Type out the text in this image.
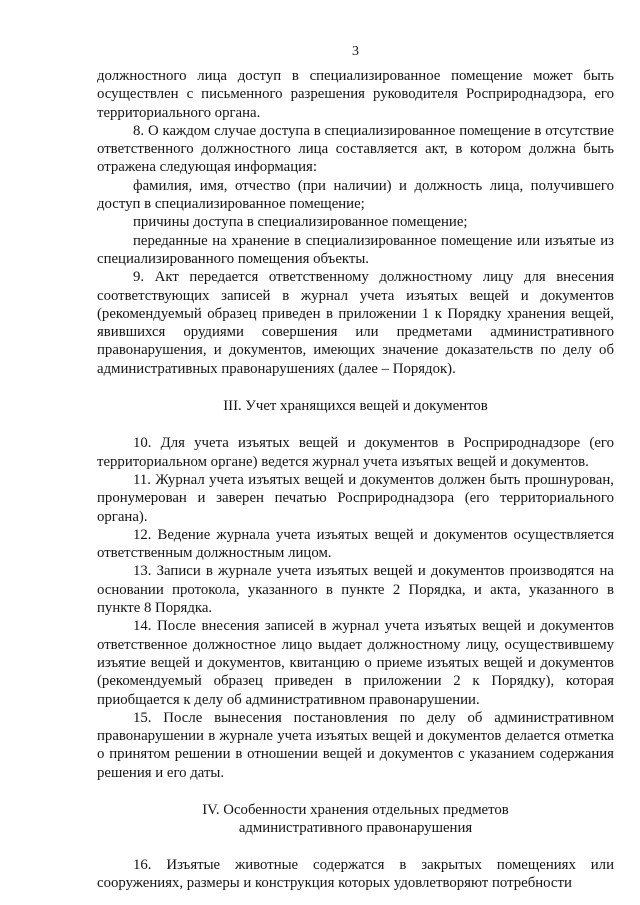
3

должностного лица доступ в специализированное помещение может быть осуществлен с письменного разрешения руководителя Росприроднадзора, его территориального органа.

8. О каждом случае доступа в специализированное помещение в отсутствие ответственного должностного лица составляется акт, в котором должна быть отражена следующая информация:

фамилия, имя, отчество (при наличии) и должность лица, получившего доступ в специализированное помещение;

причины доступа в специализированное помещение;

переданные на хранение в специализированное помещение или изъятые из специализированного помещения объекты.

9. Акт передается ответственному должностному лицу для внесения соответствующих записей в журнал учета изъятых вещей и документов (рекомендуемый образец приведен в приложении 1 к Порядку хранения вещей, явившихся орудиями совершения или предметами административного правонарушения, и документов, имеющих значение доказательств по делу об административных правонарушениях (далее – Порядок).

III. Учет хранящихся вещей и документов

10. Для учета изъятых вещей и документов в Росприроднадзоре (его территориальном органе) ведется журнал учета изъятых вещей и документов.

11. Журнал учета изъятых вещей и документов должен быть прошнурован, пронумерован и заверен печатью Росприроднадзора (его территориального органа).

12. Ведение журнала учета изъятых вещей и документов осуществляется ответственным должностным лицом.

13. Записи в журнале учета изъятых вещей и документов производятся на основании протокола, указанного в пункте 2 Порядка, и акта, указанного в пункте 8 Порядка.

14. После внесения записей в журнал учета изъятых вещей и документов ответственное должностное лицо выдает должностному лицу, осуществившему изъятие вещей и документов, квитанцию о приеме изъятых вещей и документов (рекомендуемый образец приведен в приложении 2 к Порядку), которая приобщается к делу об административном правонарушении.

15. После вынесения постановления по делу об административном правонарушении в журнале учета изъятых вещей и документов делается отметка о принятом решении в отношении вещей и документов с указанием содержания решения и его даты.

IV. Особенности хранения отдельных предметов

административного правонарушения

16. Изъятые животные содержатся в закрытых помещениях или сооружениях, размеры и конструкция которых удовлетворяют потребности
